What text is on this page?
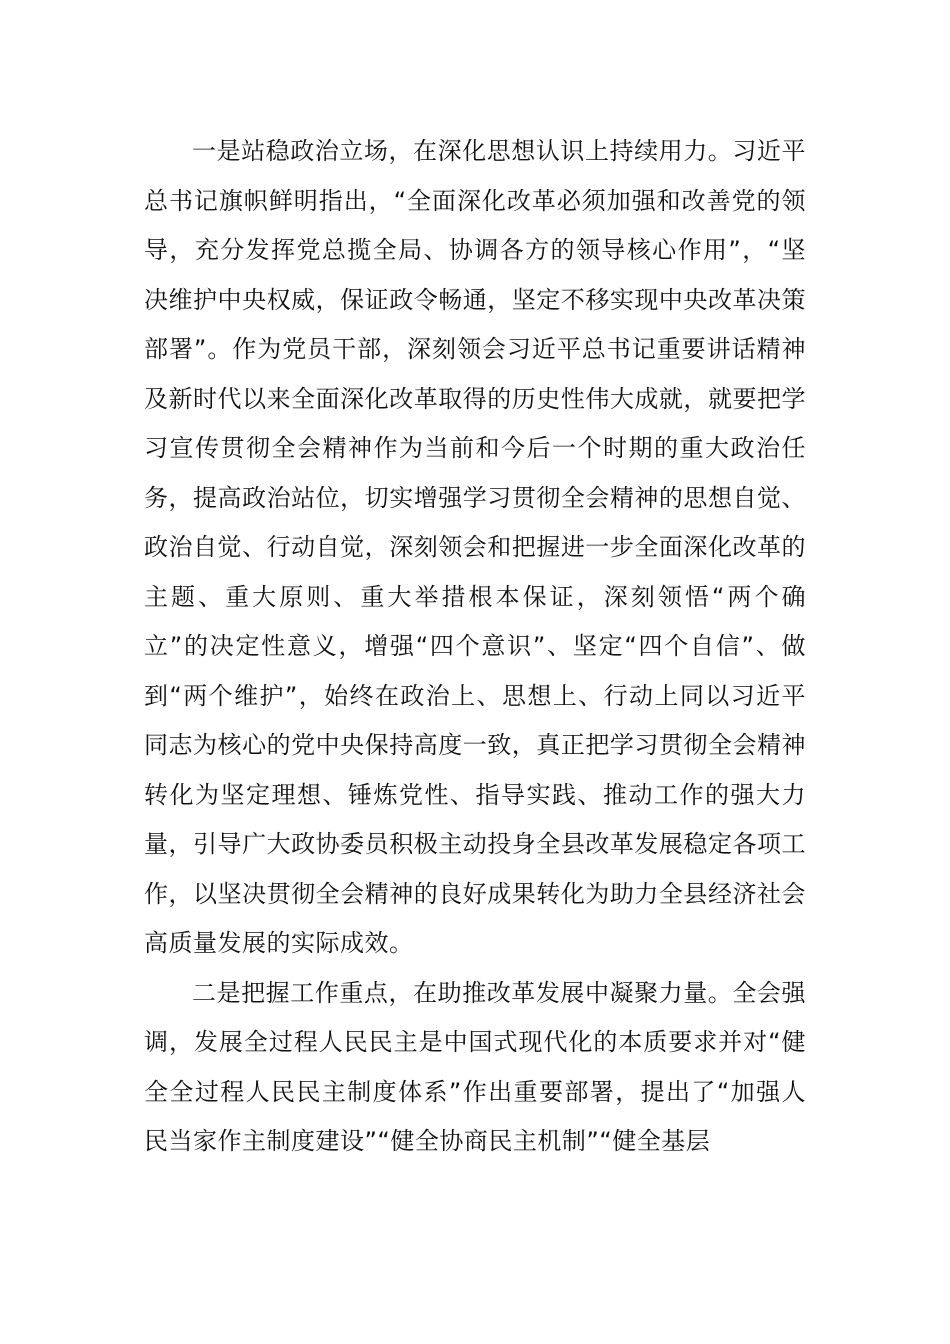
一是站稳政治立场，在深化思想认识上持续用力。习近平总书记旗帜鲜明指出，“全面深化改革必须加强和改善党的领导，充分发挥党总揽全局、协调各方的领导核心作用”，“坚决维护中央权威，保证政令畅通，坚定不移实现中央改革决策部署”。作为党员干部，深刻领会习近平总书记重要讲话精神及新时代以来全面深化改革取得的历史性伟大成就，就要把学习宣传贯彻全会精神作为当前和今后一个时期的重大政治任务，提高政治站位，切实增强学习贯彻全会精神的思想自觉、政治自觉、行动自觉，深刻领会和把握进一步全面深化改革的主题、重大原则、重大举措根本保证，深刻领悟“两个确立”的决定性意义，增强“四个意识”、坚定“四个自信”、做到“两个维护”，始终在政治上、思想上、行动上同以习近平同志为核心的党中央保持高度一致，真正把学习贯彻全会精神转化为坚定理想、锤炼党性、指导实践、推动工作的强大力量，引导广大政协委员积极主动投身全县改革发展稳定各项工作，以坚决贯彻全会精神的良好成果转化为助力全县经济社会高质量发展的实际成效。

二是把握工作重点，在助推改革发展中凝聚力量。全会强调，发展全过程人民民主是中国式现代化的本质要求并对“健全全过程人民民主制度体系”作出重要部署，提出了“加强人民当家作主制度建设”“健全协商民主机制”“健全基层
